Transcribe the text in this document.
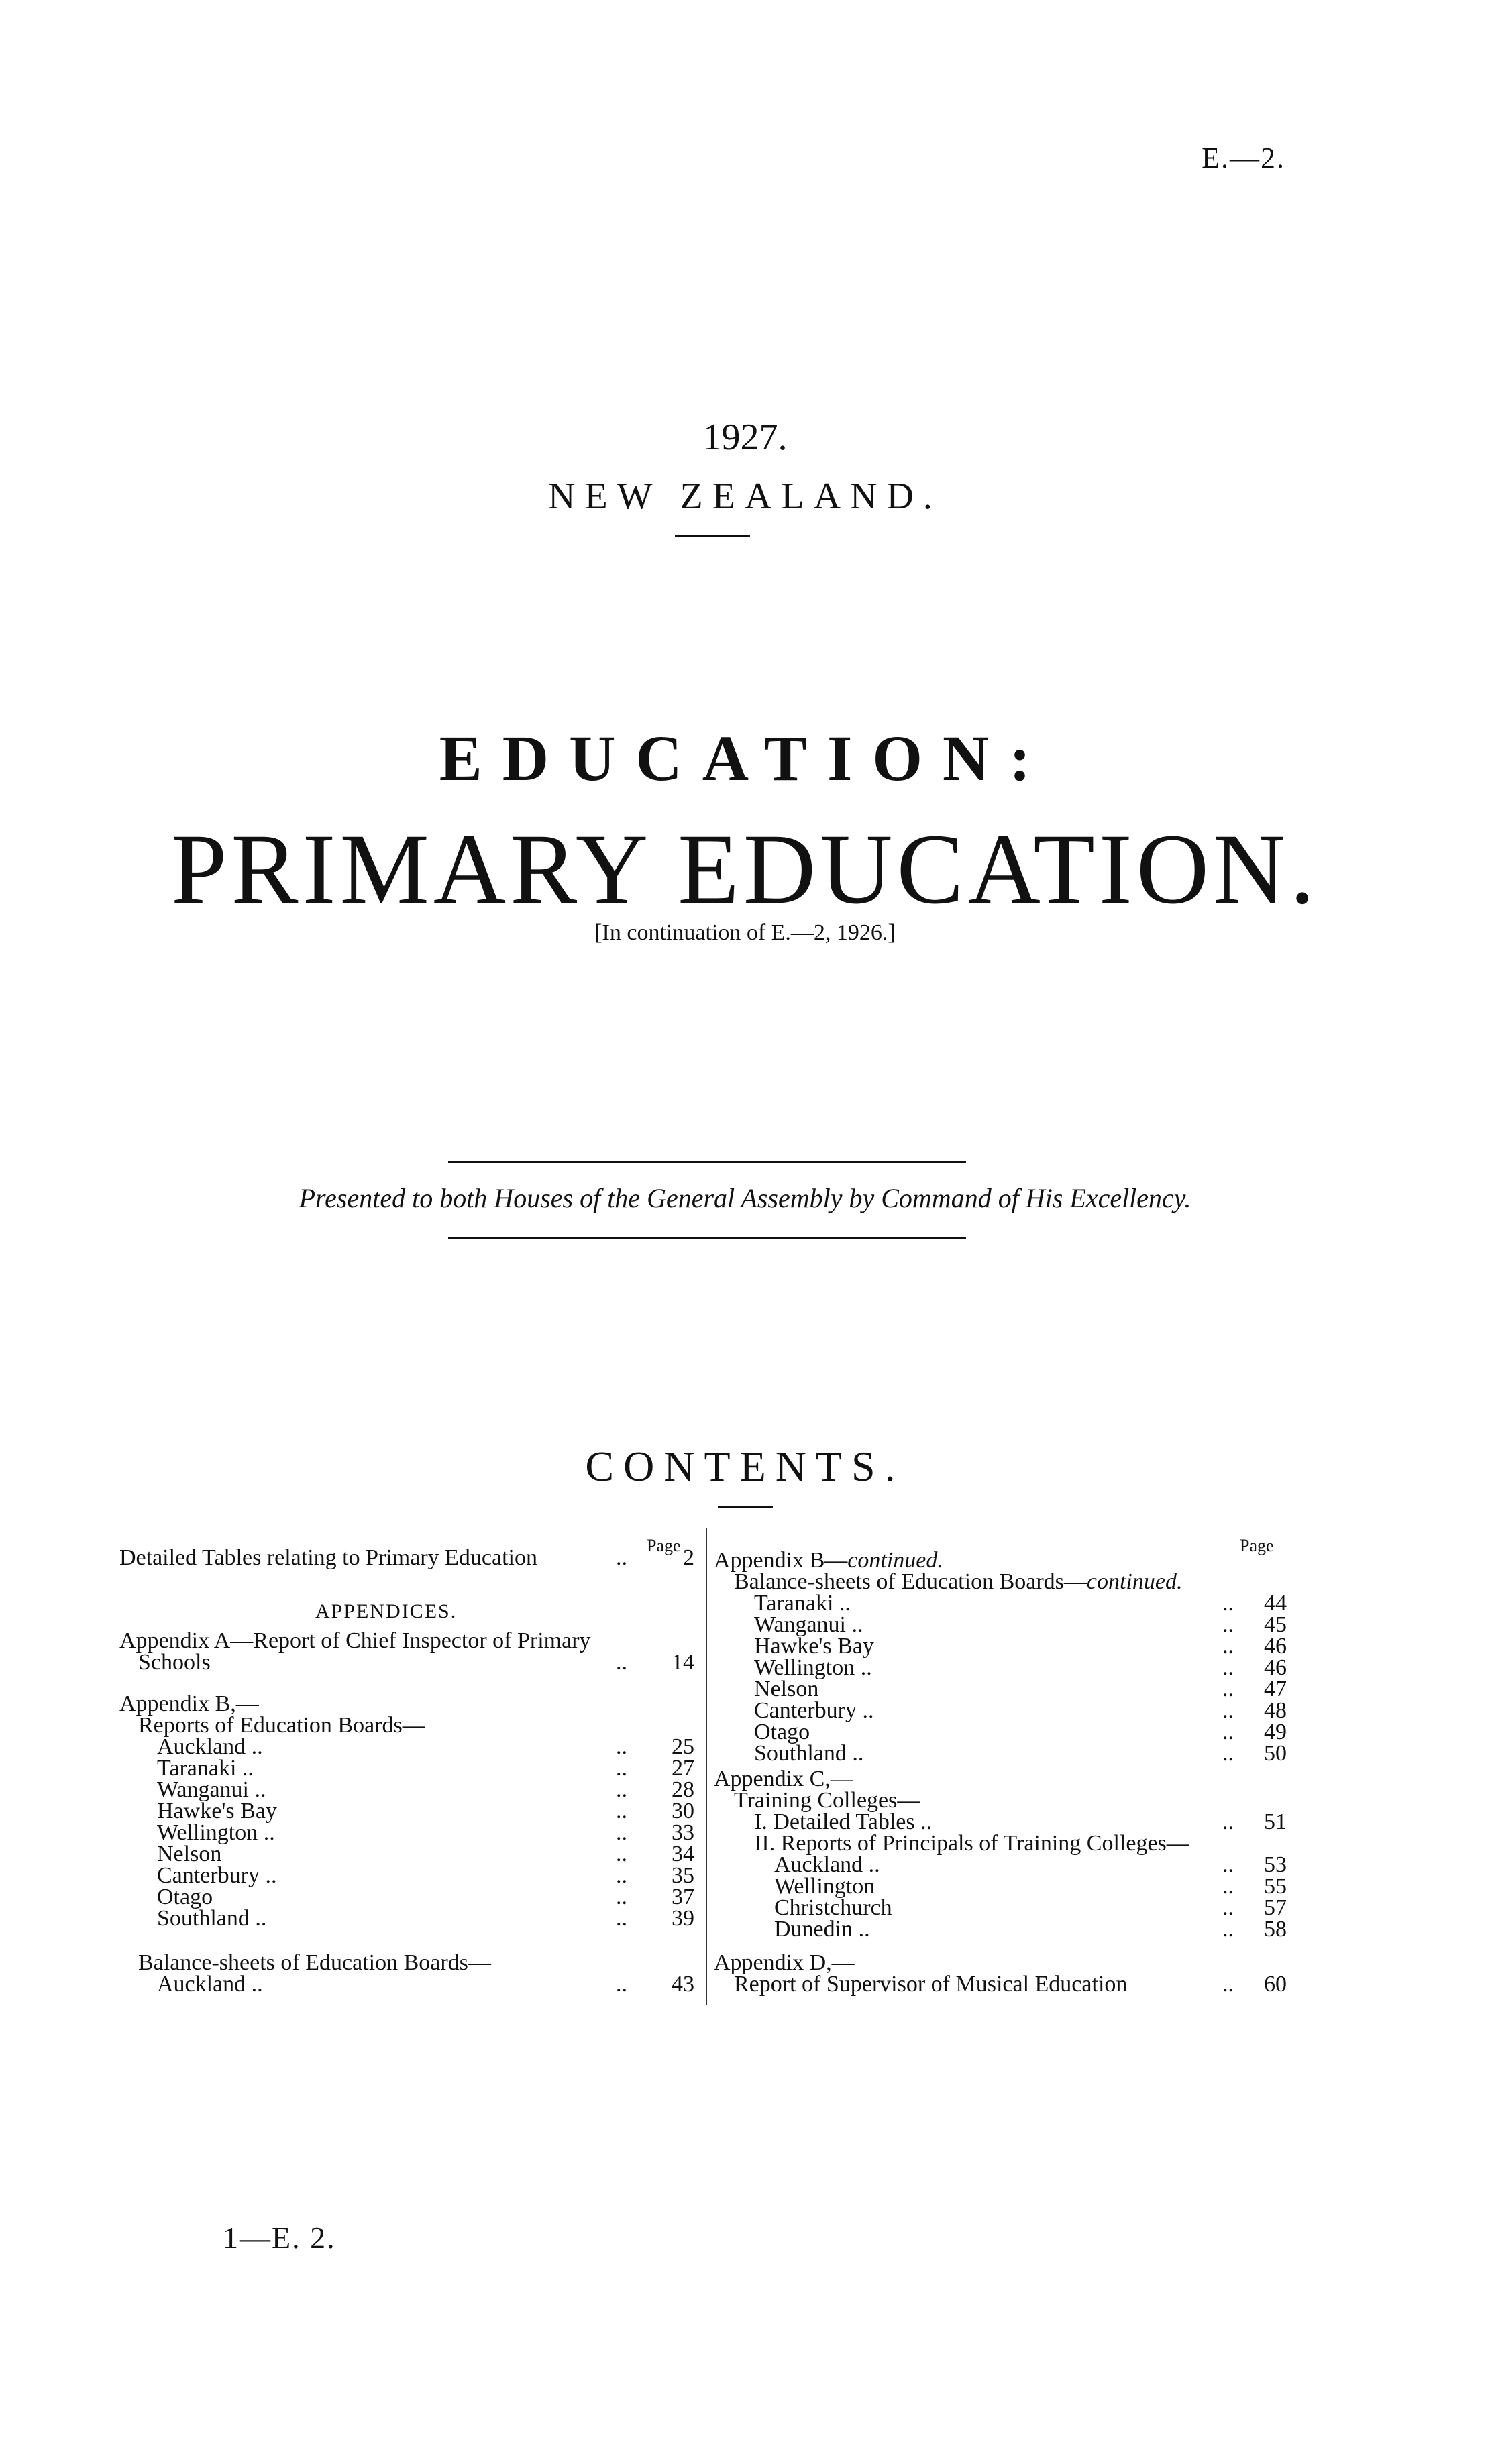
E.—2.
1927.
NEW ZEALAND.
EDUCATION:
PRIMARY EDUCATION.
[In continuation of E.—2, 1926.]
Presented to both Houses of the General Assembly by Command of His Excellency.
CONTENTS.
Page
Detailed Tables relating to Primary Education	..	2
APPENDICES.
Appendix A—Report of Chief Inspector of Primary
Schools	..	14
Appendix B,—
Reports of Education Boards—
Auckland ..	..	25
Taranaki ..	..	27
Wanganui ..	..	28
Hawke's Bay	..	30
Wellington ..	..	33
Nelson	..	34
Canterbury ..	..	35
Otago	..	37
Southland ..	..	39
Balance-sheets of Education Boards—
Auckland ..	..	43
Page
Appendix B—continued.
Balance-sheets of Education Boards—continued.
Taranaki ..	..	44
Wanganui ..	..	45
Hawke's Bay	..	46
Wellington ..	..	46
Nelson	..	47
Canterbury ..	..	48
Otago	..	49
Southland ..	..	50
Appendix C,—
Training Colleges—
I. Detailed Tables ..	..	51
II. Reports of Principals of Training Colleges—
Auckland ..	..	53
Wellington	..	55
Christchurch	..	57
Dunedin ..	..	58
Appendix D,—
Report of Supervisor of Musical Education	..	60
1—E. 2.
